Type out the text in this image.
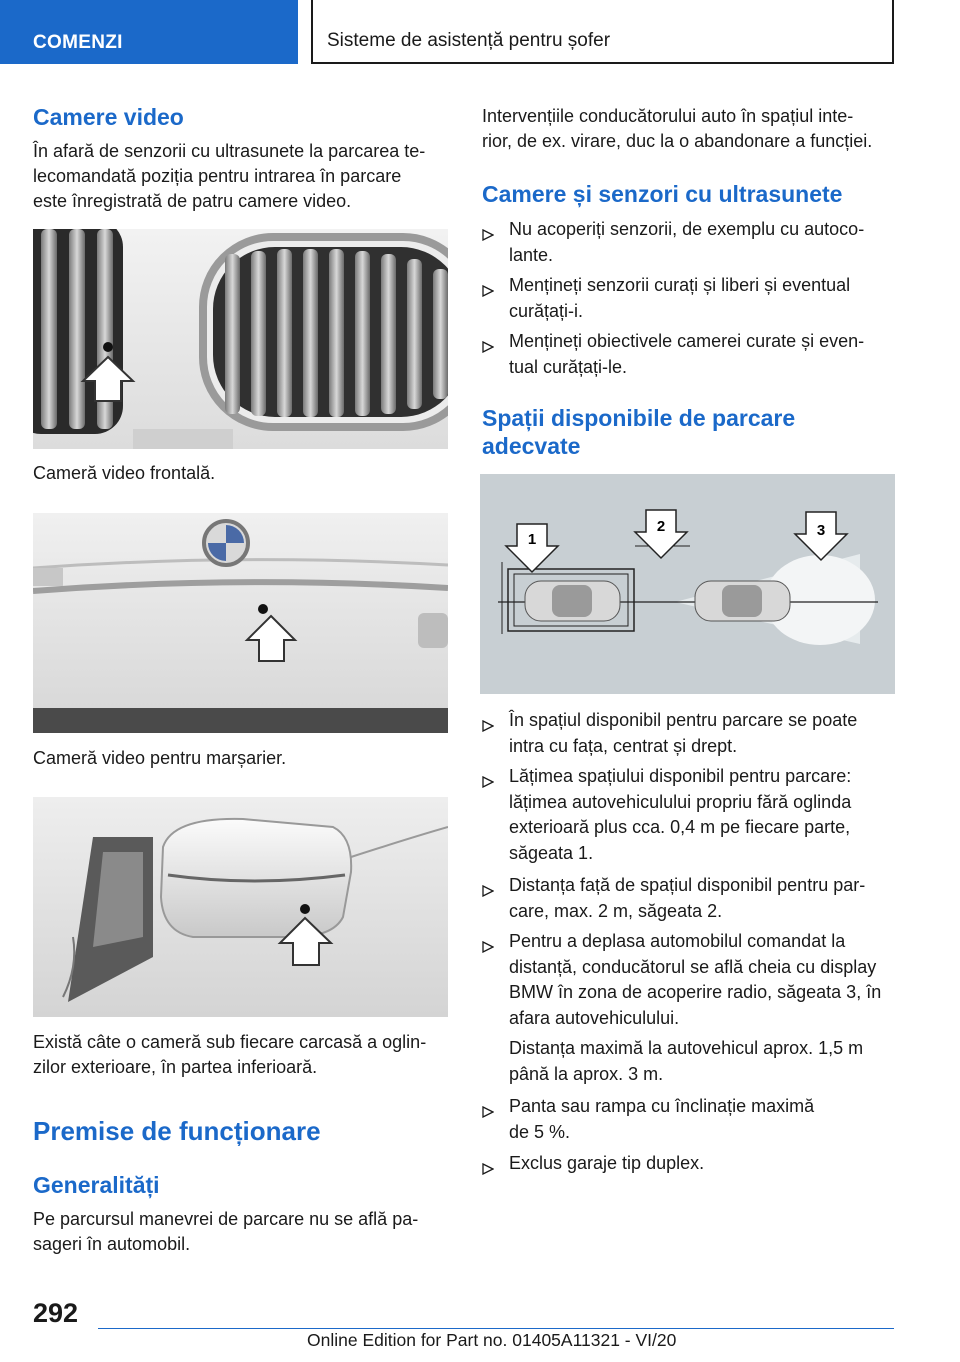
COMENZI	Sisteme de asistență pentru șofer
Camere video

În afară de senzorii cu ultrasunete la parcarea te-

lecomandată poziția pentru intrarea în parcare

este înregistrată de patru camere video.

Cameră video frontală.
Cameră video pentru marșarier.

Există câte o cameră sub fiecare carcasă a oglin-

zilor exterioare, în partea inferioară.

Premise de funcționare
Generalități

Pe parcursul manevrei de parcare nu se află pa-

sageri în automobil.

Intervențiile conducătorului auto în spațiul inte-

rior, de ex. virare, duc la o abandonare a funcției.

Camere și senzori cu ultrasunete
Nu acoperiți senzorii, de exemplu cu autoco-
lante.
Mențineți senzorii curați și liberi și eventual
curățați-i.
Mențineți obiectivele camerei curate și even-
tual curățați-le.
Spații disponibile de parcare
adecvate
1
2	3
În spațiul disponibil pentru parcare se poate
intra cu fața, centrat și drept.
Lățimea spațiului disponibil pentru parcare:
lățimea autovehiculului propriu fără oglinda
exterioară plus cca. 0,4 m pe fiecare parte,
săgeata 1.
Distanța față de spațiul disponibil pentru par-
care, max. 2 m, săgeata 2.
Pentru a deplasa automobilul comandat la
distanță, conducătorul se află cheia cu display
BMW în zona de acoperire radio, săgeata 3, în
afara autovehiculului.
Distanța maximă la autovehicul aprox. 1,5 m
până la aprox. 3 m.
Panta sau rampa cu înclinație maximă
de 5 %.
Exclus garaje tip duplex.
292
Online Edition for Part no. 01405A11321 - VI/20
